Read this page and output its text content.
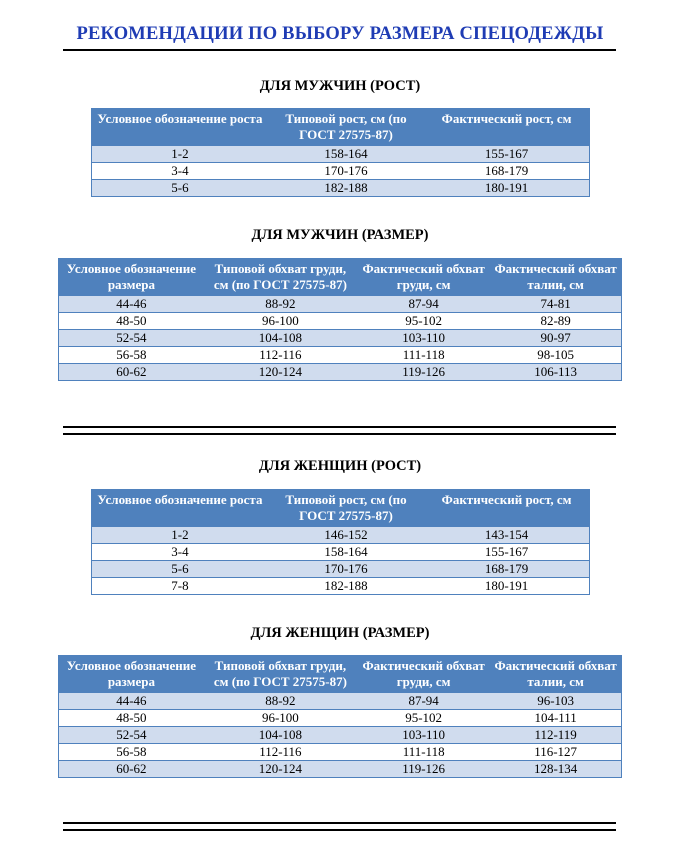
РЕКОМЕНДАЦИИ ПО ВЫБОРУ РАЗМЕРА СПЕЦОДЕЖДЫ
ДЛЯ МУЖЧИН (РОСТ)
Условное обозначение роста	Типовой рост, см (по ГОСТ 27575-87)	Фактический рост, см
1-2	158-164	155-167
3-4	170-176	168-179
5-6	182-188	180-191
ДЛЯ МУЖЧИН (РАЗМЕР)
Условное обозначение размера	Типовой обхват груди, см (по ГОСТ 27575-87)	Фактический обхват груди, см	Фактический обхват талии, см
44-46	88-92	87-94	74-81
48-50	96-100	95-102	82-89
52-54	104-108	103-110	90-97
56-58	112-116	111-118	98-105
60-62	120-124	119-126	106-113
ДЛЯ ЖЕНЩИН (РОСТ)
Условное обозначение роста	Типовой рост, см (по ГОСТ 27575-87)	Фактический рост, см
1-2	146-152	143-154
3-4	158-164	155-167
5-6	170-176	168-179
7-8	182-188	180-191
ДЛЯ ЖЕНЩИН (РАЗМЕР)
Условное обозначение размера	Типовой обхват груди, см (по ГОСТ 27575-87)	Фактический обхват груди, см	Фактический обхват талии, см
44-46	88-92	87-94	96-103
48-50	96-100	95-102	104-111
52-54	104-108	103-110	112-119
56-58	112-116	111-118	116-127
60-62	120-124	119-126	128-134
